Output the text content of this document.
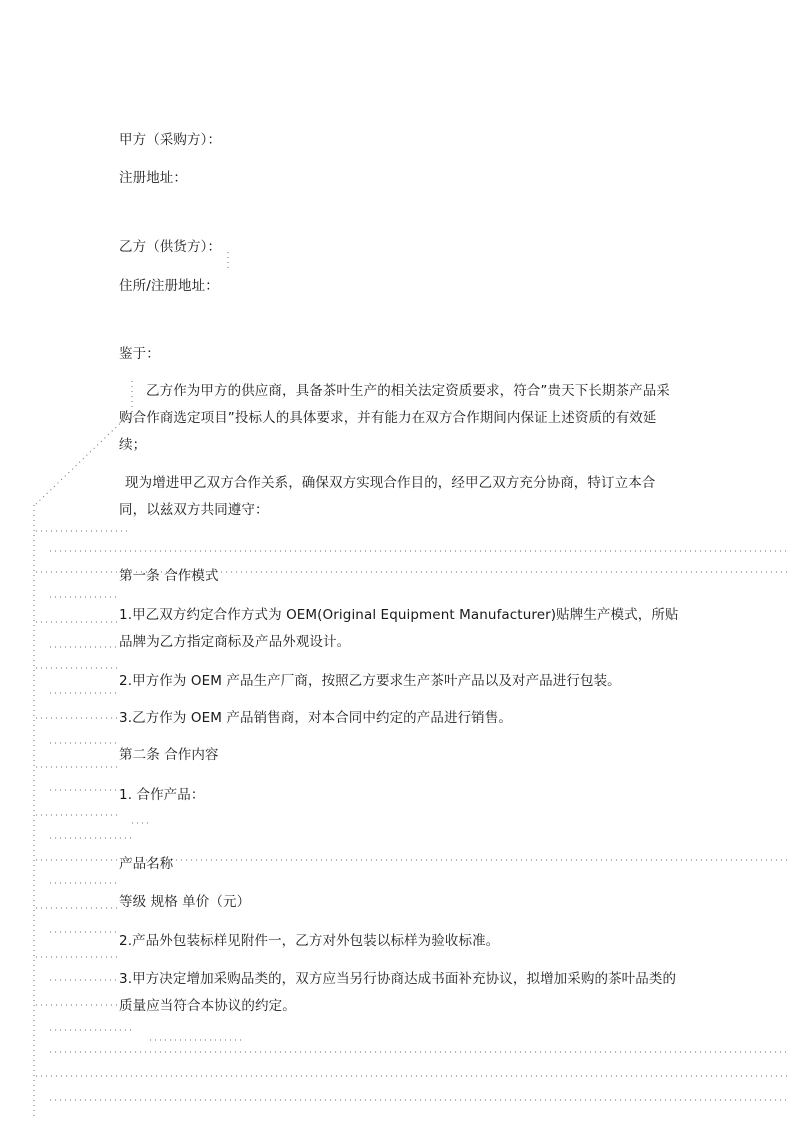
甲方（采购方）：
注册地址：
乙方（供货方）：
住所/注册地址：
鉴于：
乙方作为甲方的供应商，具备茶叶生产的相关法定资质要求，符合”贵天下长期茶产品采购合作商选定项目”投标人的具体要求，并有能力在双方合作期间内保证上述资质的有效延续；
现为增进甲乙双方合作关系，确保双方实现合作目的，经甲乙双方充分协商，特订立本合同，以兹双方共同遵守：
第一条 合作模式
1.甲乙双方约定合作方式为 OEM(Original Equipment Manufacturer)贴牌生产模式，所贴品牌为乙方指定商标及产品外观设计。
2.甲方作为 OEM 产品生产厂商，按照乙方要求生产茶叶产品以及对产品进行包装。
3.乙方作为 OEM 产品销售商，对本合同中约定的产品进行销售。
第二条 合作内容
1. 合作产品：
产品名称
等级 规格 单价（元）
2.产品外包装标样见附件一，乙方对外包装以标样为验收标准。
3.甲方决定增加采购品类的，双方应当另行协商达成书面补充协议，拟增加采购的茶叶品类的质量应当符合本协议的约定。
